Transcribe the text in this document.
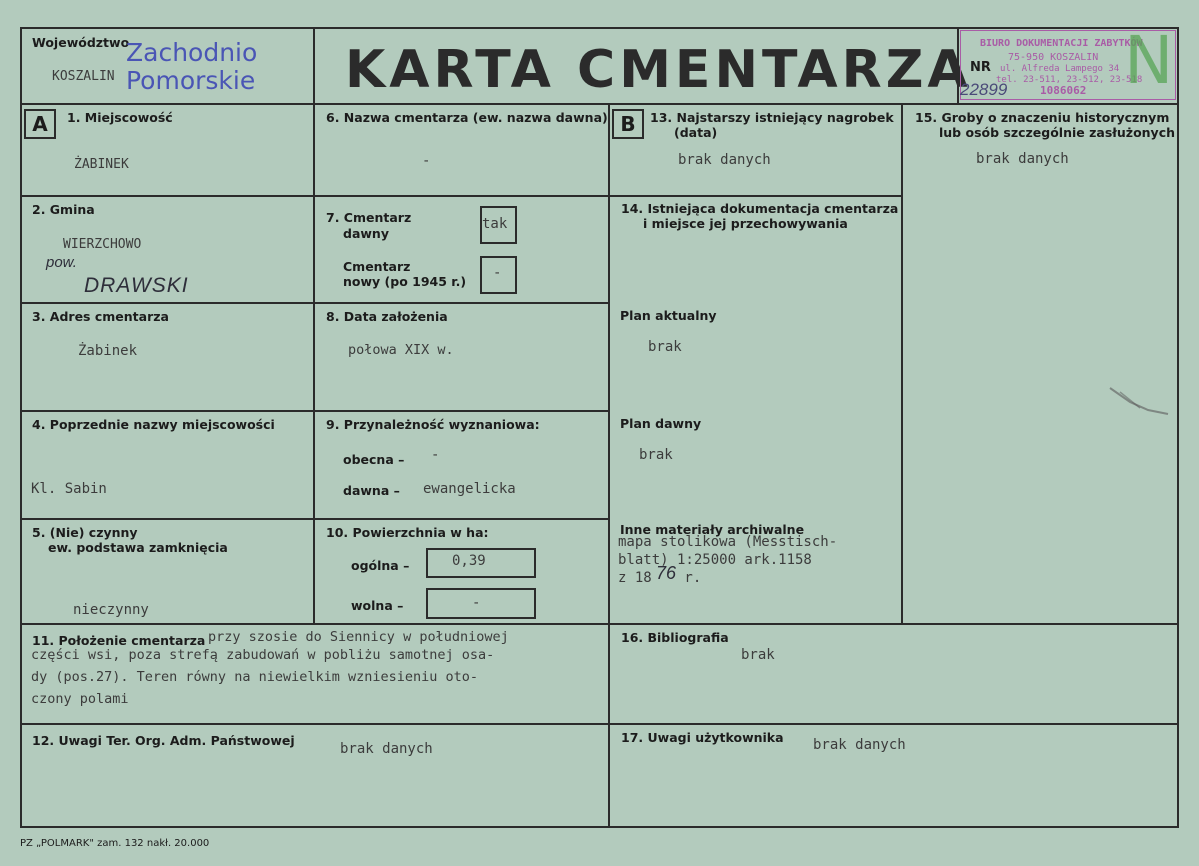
Województwo
KOSZALIN
Zachodnio
Pomorskie KARTA CMENTARZA
NR
BIURO DOKUMENTACJI ZABYTKÓW
75-950 KOSZALIN
ul. Alfreda Lampego 34
tel. 23-511, 23-512, 23-518
1086062
22899 N
A	B
1. Miejscowość
ŻABINEK
2. Gmina
WIERZCHOWO
pow.
DRAWSKI
3. Adres cmentarza
Żabinek
4. Poprzednie nazwy miejscowości
Kl. Sabin
5. (Nie) czynny
ew. podstawa zamknięcia
nieczynny
6. Nazwa cmentarza (ew. nazwa dawna)
-
7. Cmentarz
dawny
tak
Cmentarz
nowy (po 1945 r.)
-
8. Data założenia
połowa XIX w.
9. Przynależność wyznaniowa:
obecna – -
dawna – ewangelicka
10. Powierzchnia w ha:
ogólna –	0,39
wolna –	-
11. Położenie cmentarza przy szosie do Siennicy w południowej
części wsi, poza strefą zabudowań w pobliżu samotnej osa-
dy (pos.27). Teren równy na niewielkim wzniesieniu oto-
czony polami
12. Uwagi Ter. Org. Adm. Państwowej
brak danych
13. Najstarszy istniejący nagrobek
(data)
brak danych
14. Istniejąca dokumentacja cmentarza
i miejsce jej przechowywania
Plan aktualny
brak
Plan dawny
brak
Inne materiały archiwalne
mapa stolikowa (Messtisch-
blatt) 1:25000 ark.1158
z 18 76 r.
15. Groby o znaczeniu historycznym
lub osób szczególnie zasłużonych
brak danych
16. Bibliografia
brak
17. Uwagi użytkownika brak danych
PZ „POLMARK" zam. 132 nakł. 20.000
